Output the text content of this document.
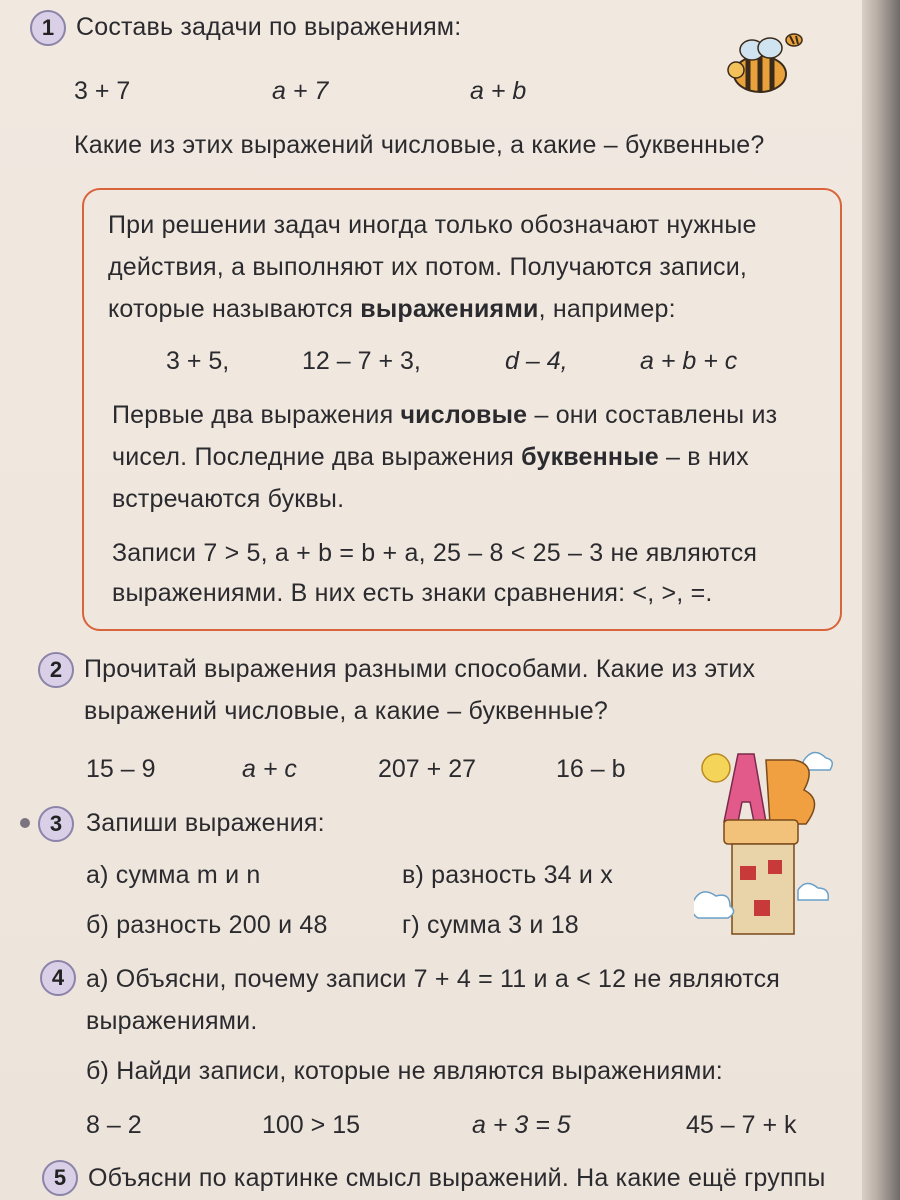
1 Составь задачи по выражениям:
3 + 7	a + 7	a + b
Какие из этих выражений числовые, а какие – буквенные?
При решении задач иногда только обозначают нужные
действия, а выполняют их потом. Получаются записи,
которые называются выражениями, например:
3 + 5,	12 – 7 + 3,	d – 4,	a + b + c
Первые два выражения числовые – они составлены из
чисел. Последние два выражения буквенные – в них
встречаются буквы.
Записи 7 > 5, a + b = b + a, 25 – 8 < 25 – 3 не являются
выражениями. В них есть знаки сравнения: <, >, =.
2 Прочитай выражения разными способами. Какие из этих
выражений числовые, а какие – буквенные?
15 – 9	a + c	207 + 27	16 – b
3 Запиши выражения:
а) сумма m и n	в) разность 34 и x
б) разность 200 и 48	г) сумма 3 и 18
4 а) Объясни, почему записи 7 + 4 = 11 и a < 12 не являются
выражениями.
б) Найди записи, которые не являются выражениями:
8 – 2	100 > 15	a + 3 = 5	45 – 7 + k
5 Объясни по картинке смысл выражений. На какие ещё группы
